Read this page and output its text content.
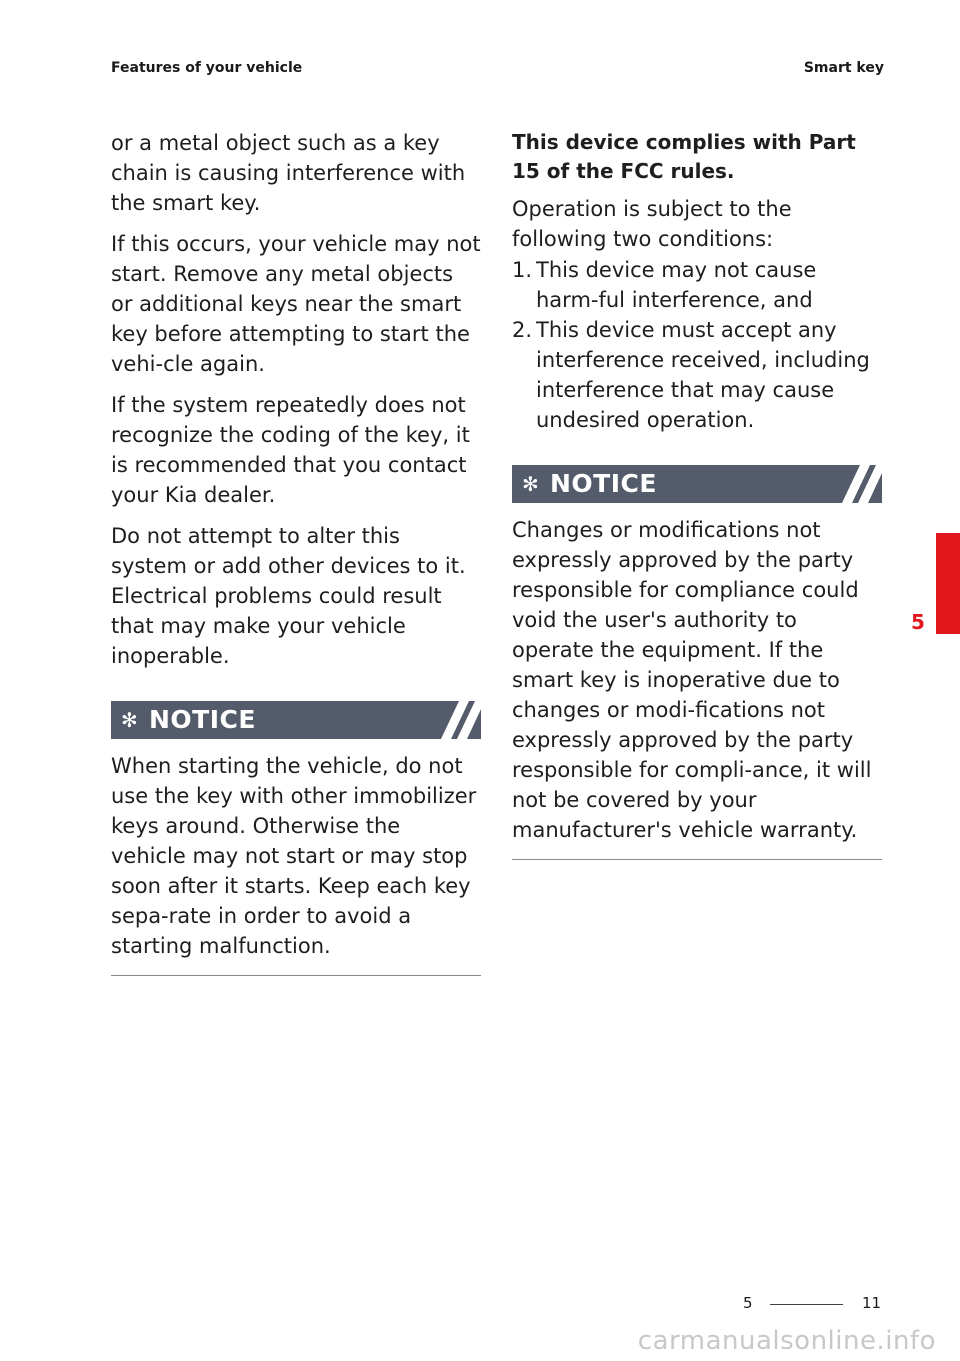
Features of your vehicle	Smart key

or a metal object such as a key chain is causing interference with the smart key.

If this occurs, your vehicle may not start. Remove any metal objects or additional keys near the smart key before attempting to start the vehi-cle again.

If the system repeatedly does not recognize the coding of the key, it is recommended that you contact your Kia dealer.

Do not attempt to alter this system or add other devices to it. Electrical problems could result that may make your vehicle inoperable.

✻ NOTICE

When starting the vehicle, do not use the key with other immobilizer keys around. Otherwise the vehicle may not start or may stop soon after it starts. Keep each key sepa-rate in order to avoid a starting malfunction.

This device complies with Part 15 of the FCC rules.

Operation is subject to the following two conditions:

1. This device may not cause harm-ful interference, and
2. This device must accept any interference received, including interference that may cause undesired operation.
✻ NOTICE

Changes or modifications not expressly approved by the party responsible for compliance could void the user's authority to operate the equipment. If the smart key is inoperative due to changes or modi-fications not expressly approved by the party responsible for compli-ance, it will not be covered by your manufacturer's vehicle warranty.

5
5	11
carmanualsonline.info
